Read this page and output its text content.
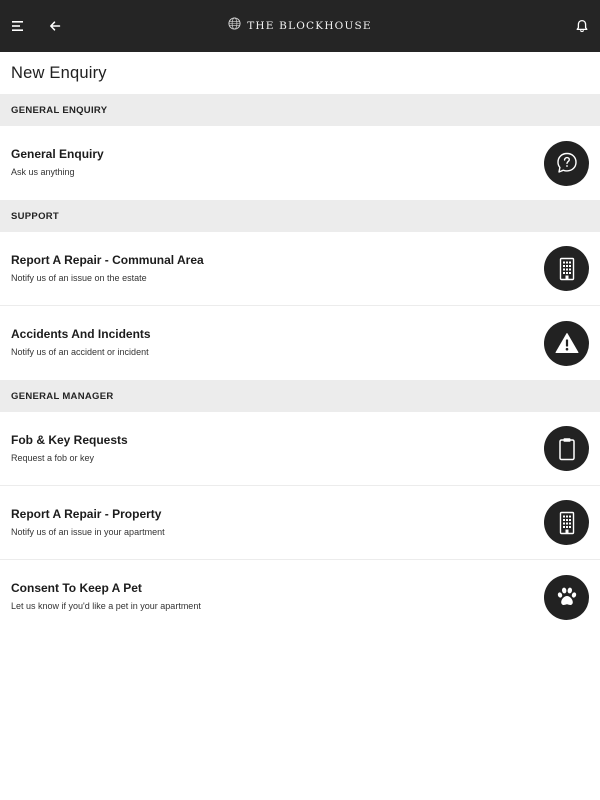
THE BLOCKHOUSE
New Enquiry
GENERAL ENQUIRY
General Enquiry
Ask us anything
SUPPORT
Report A Repair - Communal Area
Notify us of an issue on the estate
Accidents And Incidents
Notify us of an accident or incident
GENERAL MANAGER
Fob & Key Requests
Request a fob or key
Report A Repair - Property
Notify us of an issue in your apartment
Consent To Keep A Pet
Let us know if you'd like a pet in your apartment
